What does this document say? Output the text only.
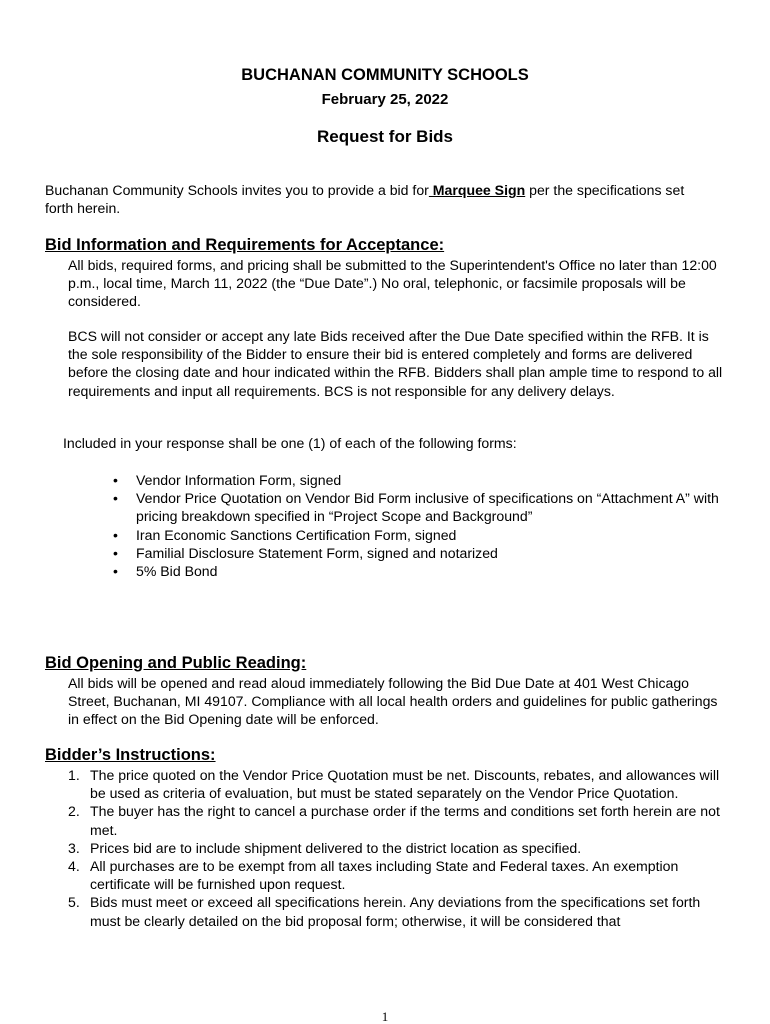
BUCHANAN COMMUNITY SCHOOLS
February 25, 2022
Request for Bids

Buchanan Community Schools invites you to provide a bid for Marquee Sign per the specifications set forth herein.

Bid Information and Requirements for Acceptance:

All bids, required forms, and pricing shall be submitted to the Superintendent's Office no later than 12:00 p.m., local time, March 11, 2022 (the “Due Date”.) No oral, telephonic, or facsimile proposals will be considered.

BCS will not consider or accept any late Bids received after the Due Date specified within the RFB. It is the sole responsibility of the Bidder to ensure their bid is entered completely and forms are delivered before the closing date and hour indicated within the RFB. Bidders shall plan ample time to respond to all requirements and input all requirements. BCS is not responsible for any delivery delays.

Included in your response shall be one (1) of each of the following forms:

• Vendor Information Form, signed
• Vendor Price Quotation on Vendor Bid Form inclusive of specifications on “Attachment A” with pricing breakdown specified in “Project Scope and Background”
• Iran Economic Sanctions Certification Form, signed
• Familial Disclosure Statement Form, signed and notarized
• 5% Bid Bond
Bid Opening and Public Reading:

All bids will be opened and read aloud immediately following the Bid Due Date at 401 West Chicago Street, Buchanan, MI 49107. Compliance with all local health orders and guidelines for public gatherings in effect on the Bid Opening date will be enforced.

Bidder’s Instructions:
1. The price quoted on the Vendor Price Quotation must be net. Discounts, rebates, and allowances will be used as criteria of evaluation, but must be stated separately on the Vendor Price Quotation.
2. The buyer has the right to cancel a purchase order if the terms and conditions set forth herein are not met.
3. Prices bid are to include shipment delivered to the district location as specified.
4. All purchases are to be exempt from all taxes including State and Federal taxes. An exemption certificate will be furnished upon request.
5. Bids must meet or exceed all specifications herein. Any deviations from the specifications set forth must be clearly detailed on the bid proposal form; otherwise, it will be considered that
1
